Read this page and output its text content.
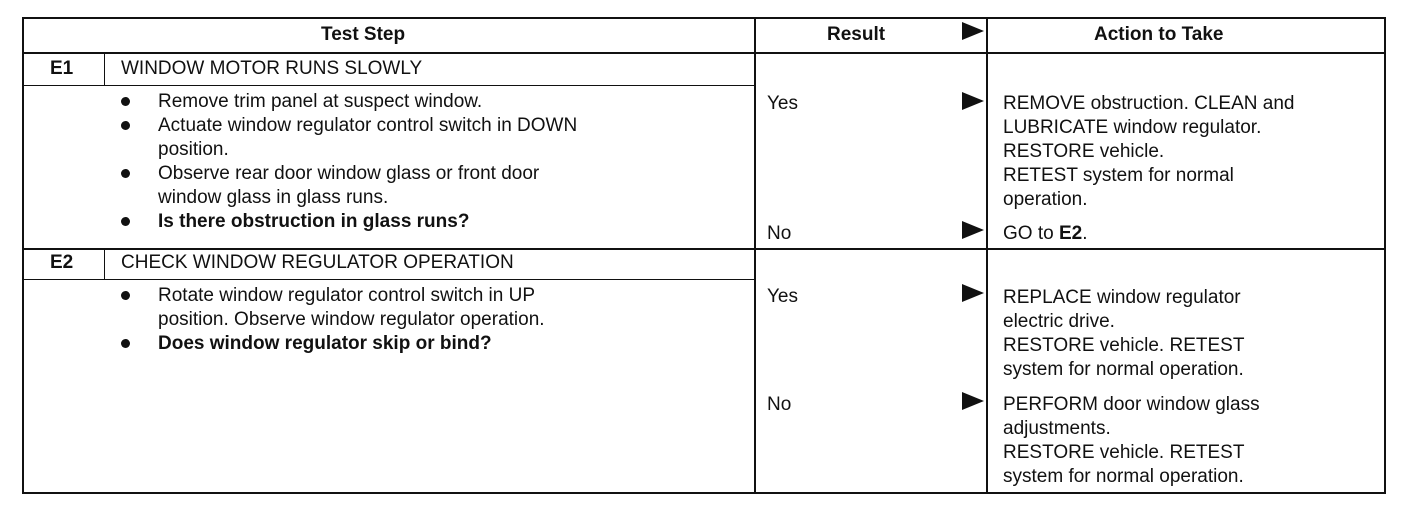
Test Step	Result	Action to Take
E1	WINDOW MOTOR RUNS SLOWLY
Remove trim panel at suspect window.
Actuate window regulator control switch in DOWN
position.
Observe rear door window glass or front door
window glass in glass runs.
Is there obstruction in glass runs?
Yes	REMOVE obstruction. CLEAN and
LUBRICATE window regulator.
RESTORE vehicle.
RETEST system for normal
operation.
No	GO to E2.
E2	CHECK WINDOW REGULATOR OPERATION
Rotate window regulator control switch in UP
position. Observe window regulator operation.
Does window regulator skip or bind?
Yes	REPLACE window regulator
electric drive.
RESTORE vehicle. RETEST
system for normal operation.
No	PERFORM door window glass
adjustments.
RESTORE vehicle. RETEST
system for normal operation.
